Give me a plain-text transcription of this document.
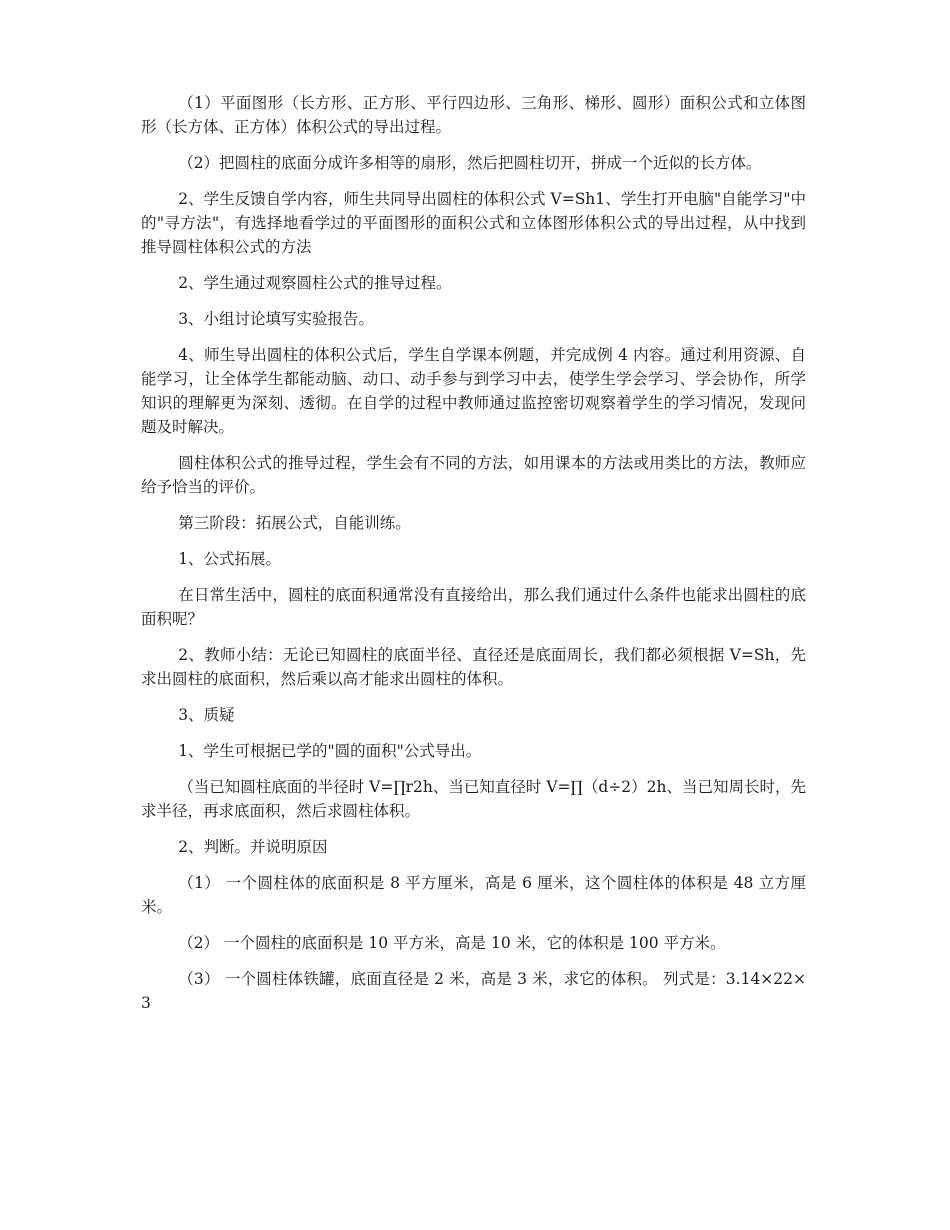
（1）平面图形（长方形、正方形、平行四边形、三角形、梯形、圆形）面积公式和立体图形（长方体、正方体）体积公式的导出过程。

（2）把圆柱的底面分成许多相等的扇形，然后把圆柱切开，拼成一个近似的长方体。

2、学生反馈自学内容，师生共同导出圆柱的体积公式 V=Sh1、学生打开电脑"自能学习"中的"寻方法"，有选择地看学过的平面图形的面积公式和立体图形体积公式的导出过程，从中找到推导圆柱体积公式的方法

2、学生通过观察圆柱公式的推导过程。

3、小组讨论填写实验报告。

4、师生导出圆柱的体积公式后，学生自学课本例题，并完成例 4 内容。通过利用资源、自能学习，让全体学生都能动脑、动口、动手参与到学习中去，使学生学会学习、学会协作，所学知识的理解更为深刻、透彻。在自学的过程中教师通过监控密切观察着学生的学习情况，发现问题及时解决。

圆柱体积公式的推导过程，学生会有不同的方法，如用课本的方法或用类比的方法，教师应给予恰当的评价。

第三阶段：拓展公式，自能训练。

1、公式拓展。

在日常生活中，圆柱的底面积通常没有直接给出，那么我们通过什么条件也能求出圆柱的底面积呢？

2、教师小结：无论已知圆柱的底面半径、直径还是底面周长，我们都必须根据 V=Sh，先求出圆柱的底面积，然后乘以高才能求出圆柱的体积。

3、质疑

1、学生可根据已学的"圆的面积"公式导出。

（当已知圆柱底面的半径时 V=∏r2h、当已知直径时 V=∏（d÷2）2h、当已知周长时，先求半径，再求底面积，然后求圆柱体积。

2、判断。并说明原因

（1） 一个圆柱体的底面积是 8 平方厘米，高是 6 厘米，这个圆柱体的体积是 48 立方厘米。

（2） 一个圆柱的底面积是 10 平方米，高是 10 米，它的体积是 100 平方米。

（3） 一个圆柱体铁罐，底面直径是 2 米，高是 3 米，求它的体积。 列式是：3.14×22×3
